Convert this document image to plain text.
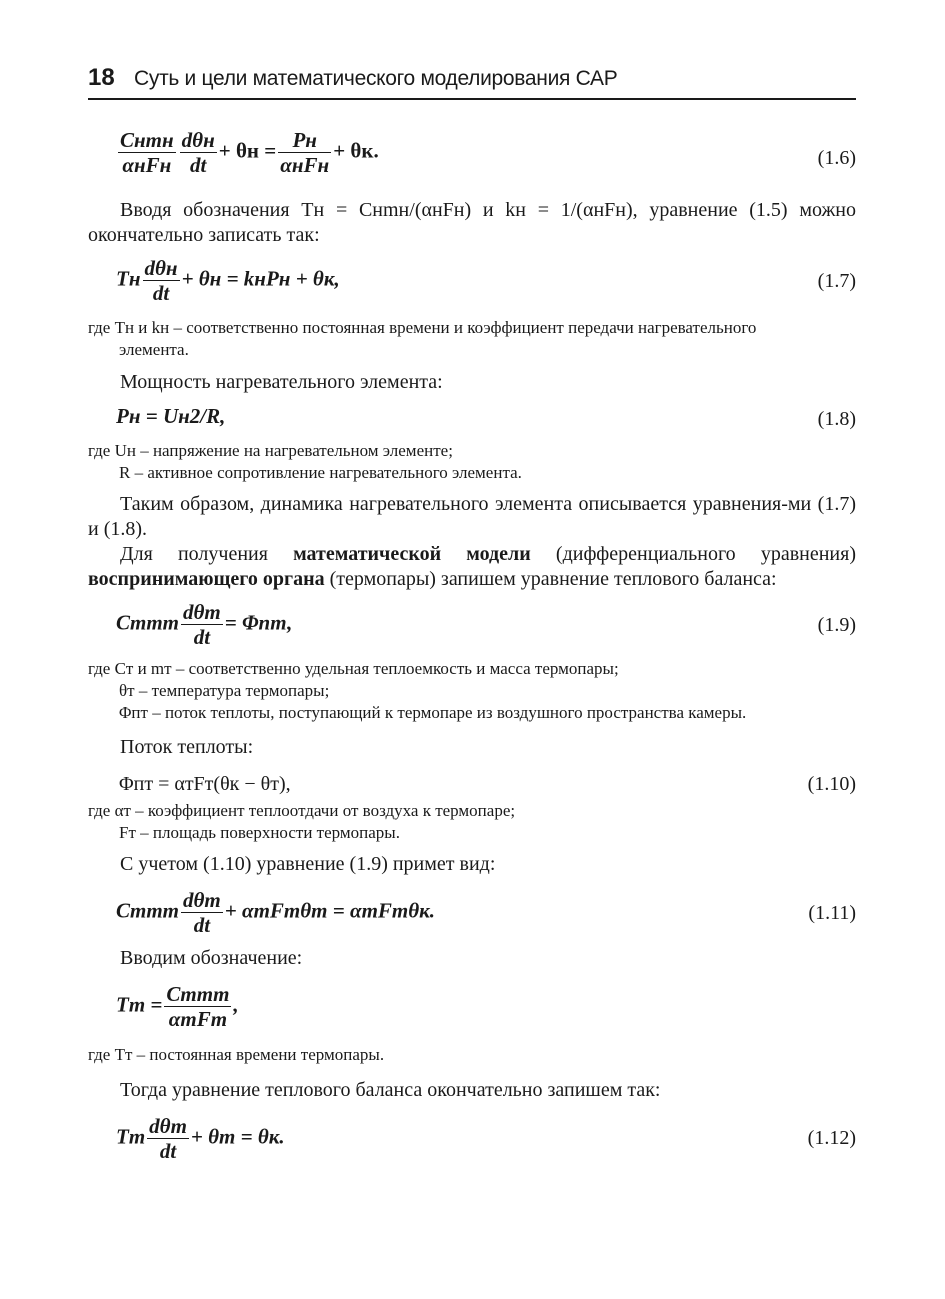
18 Суть и цели математического моделирования САР
$\frac{\text{Cнmн}}{\text{αнFн}} \frac{\text{dθн}}{dt} + \theta н = \frac{Pн}{\text{αнFн}} + \theta к$.	(1.6)
Вводя обозначения Tн = Cнmн/(αнFн) и kн = 1/(αнFн), уравнение (1.5) можно окончательно записать так:
Tн $\frac{\text{dθн}}{dt} + \theta н$ = kнPн + θк,	(1.7)
где Tн и kн – соответственно постоянная времени и коэффициент передачи нагревательного
элемента.
Мощность нагревательного элемента:
Pн = Uн2/R,	(1.8)
где Uн – напряжение на нагревательном элементе;
R – активное сопротивление нагревательного элемента.
Таким образом, динамика нагревательного элемента описывается уравнения-ми (1.7) и (1.8).
Для получения математической модели (дифференциального уравнения) воспринимающего органа (термопары) запишем уравнение теплового баланса:
Cтmт $\frac{\text{dθт}}{dt} = \Phi пт$,	(1.9)
где Cт и mт – соответственно удельная теплоемкость и масса термопары;
θт – температура термопары;
Φпт – поток теплоты, поступающий к термопаре из воздушного пространства камеры.
Поток теплоты:
Φпт = αтFт(θк − θт),	(1.10)
где αт – коэффициент теплоотдачи от воздуха к термопаре;
Fт – площадь поверхности термопары.
С учетом (1.10) уравнение (1.9) примет вид:
Cтmт $\frac{\text{dθт}}{dt} + \alpha тFт\theta т = \alpha тFт\theta к$.	(1.11)
Вводим обозначение:
Tт = $\frac{\text{Cтmт}}{\text{αтFт}}$ ,
где Tт – постоянная времени термопары.
Тогда уравнение теплового баланса окончательно запишем так:
Tт $\frac{\text{dθт}}{dt} + \theta т = \theta к$.	(1.12)
